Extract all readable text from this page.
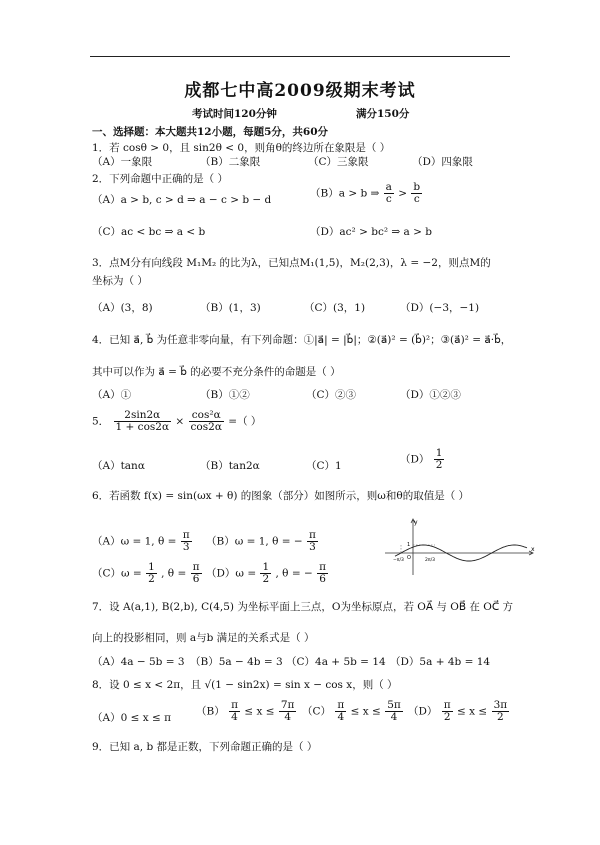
成都七中高2009级期末考试
考试时间120分钟	满分150分
一、选择题：本大题共12小题，每题5分，共60分
1．若 cosθ > 0，且 sin2θ < 0，则角θ的终边所在象限是（ ）
（A）一象限	（B）二象限	（C）三象限	（D）四象限
2．下列命题中正确的是（ ）
（A）a > b, c > d ⇒ a − c > b − d
（B）a > b ⇒ $\frac{a}{c} > \frac{b}{c}$
（C）ac < bc ⇒ a < b	（D）ac² > bc² ⇒ a > b
3．点M分有向线段 M₁M₂ 的比为λ，已知点M₁(1,5)，M₂(2,3)，λ = −2，则点M的
坐标为（ ）
（A）(3，8)	（B）(1，3)	（C）(3，1)	（D）(−3，−1)
4．已知 a⃗, b⃗ 为任意非零向量，有下列命题：①|a⃗| = |b⃗|；②(a⃗)² = (b⃗)²；③(a⃗)² = a⃗·b⃗，
其中可以作为 a⃗ = b⃗ 的必要不充分条件的命题是（ ）
（A）①	（B）①②	（C）②③	（D）①②③
5． $\frac{2\sin 2\alpha}{1 + \cos 2\alpha} \times \frac{\text{cos²α}}{\cos 2\alpha}$ =（ ）
（A）tanα	（B）tan2α	（C）1
$(D) \frac{1}{2}$
6．若函数 f(x) = sin(ωx + θ) 的图象（部分）如图所示，则ω和θ的取值是（ ）
（A）ω = 1, $\theta = \frac{\pi}{3} (B)\omega = 1$, θ = − $\frac{\pi}{3}$
$(C)\omega = \frac{1}{2}$ , $\theta = \frac{\pi}{6} (D)\omega = \frac{1}{2}$ , θ = − $\frac{\pi}{6}$
y
x
O
1
−π/3	2π/3
7．设 A(a,1), B(2,b), C(4,5) 为坐标平面上三点，O为坐标原点，若 OA⃗ 与 OB⃗ 在 OC⃗ 方
向上的投影相同，则 a与b 满足的关系式是（ ）
（A）4a − 5b = 3 （B）5a − 4b = 3 （C）4a + 5b = 14 （D）5a + 4b = 14
8．设 0 ≤ x < 2π，且 √(1 − sin2x) = sin x − cos x，则（ ）
（A）0 ≤ x ≤ π
$(B) \frac{\pi}{4} \le x \le \frac{7\pi}{4} (C) \frac{\pi}{4} \le x \le \frac{5\pi}{4} (D) \frac{\pi}{2} \le x \le \frac{3\pi}{2}$
9．已知 a, b 都是正数，下列命题正确的是（ ）
